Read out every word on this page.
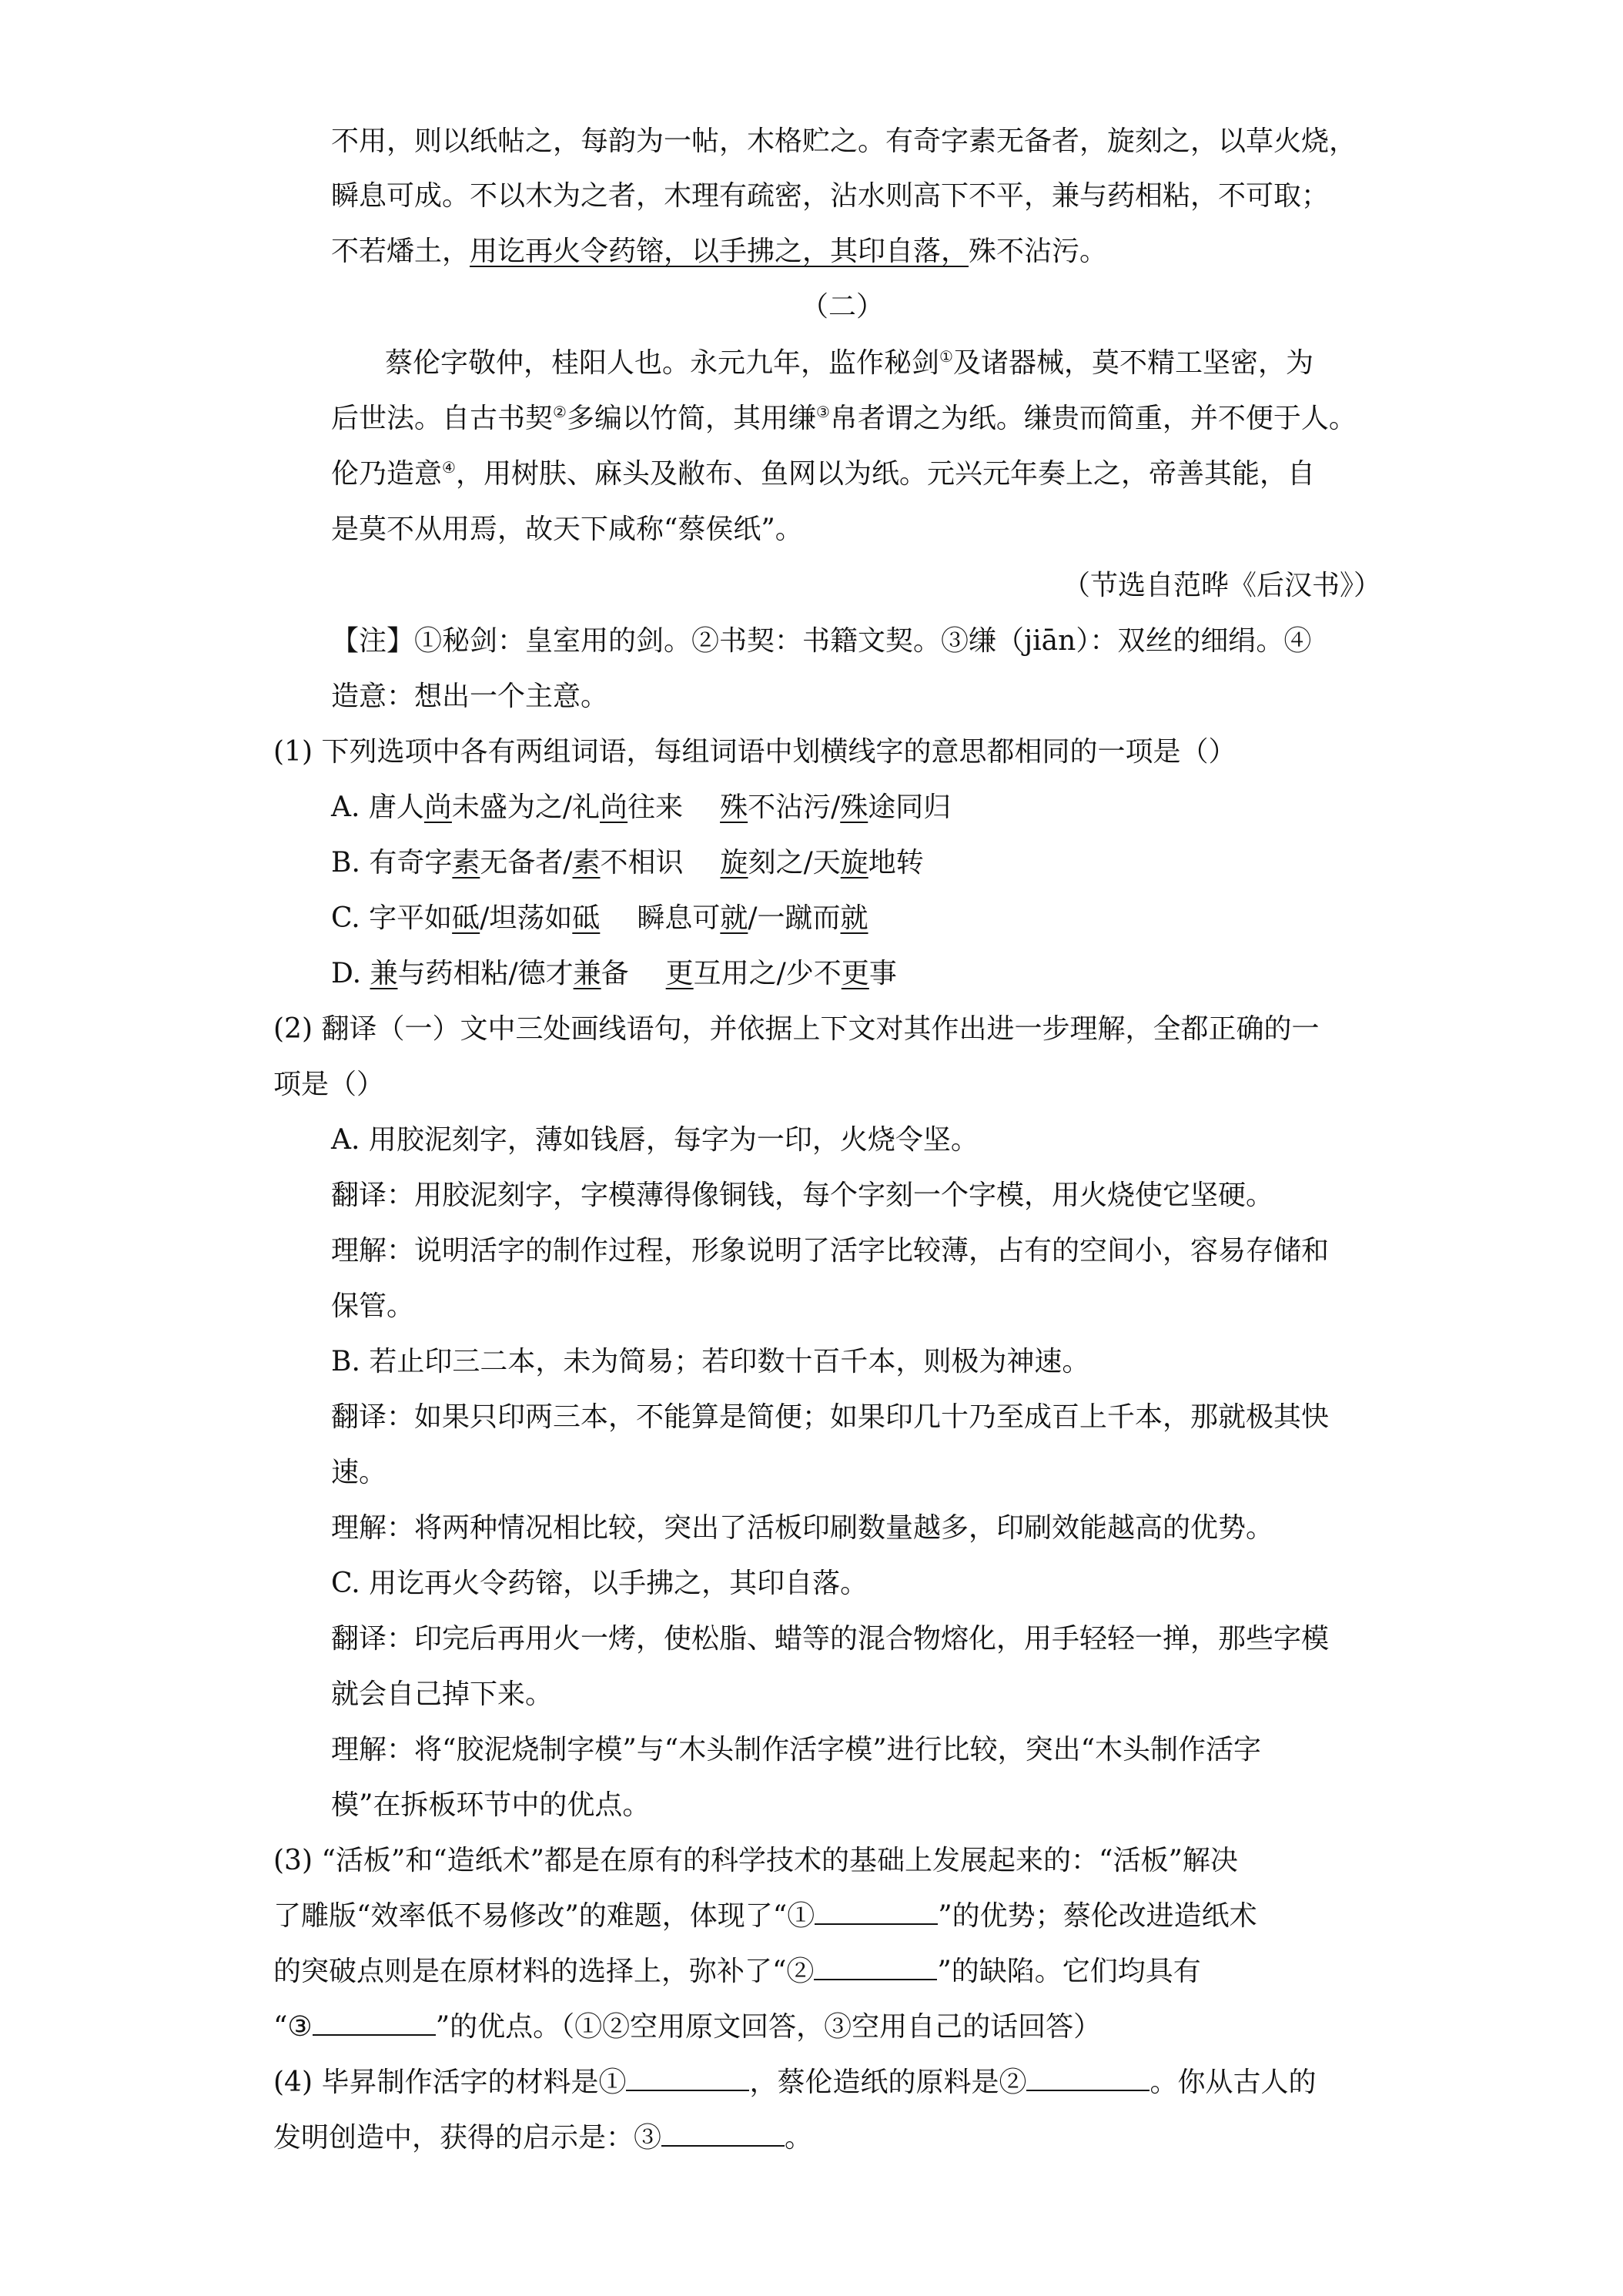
不用，则以纸帖之，每韵为一帖，木格贮之。有奇字素无备者，旋刻之，以草火烧，
瞬息可成。不以木为之者，木理有疏密，沾水则高下不平，兼与药相粘，不可取；
不若燔土，用讫再火令药镕，以手拂之，其印自落，殊不沾污。
（二）
蔡伦字敬仲，桂阳人也。永元九年，监作秘剑①及诸器械，莫不精工坚密，为
后世法。自古书契②多编以竹简，其用缣③帛者谓之为纸。缣贵而简重，并不便于人。
伦乃造意④，用树肤、麻头及敝布、鱼网以为纸。元兴元年奏上之，帝善其能，自
是莫不从用焉，故天下咸称“蔡侯纸”。
（节选自范晔《后汉书》）
【注】①秘剑：皇室用的剑。②书契：书籍文契。③缣（jiān）：双丝的细绢。④
造意：想出一个主意。
(1) 下列选项中各有两组词语，每组词语中划横线字的意思都相同的一项是（）
A. 唐人尚未盛为之/礼尚往来 殊不沾污/殊途同归
B. 有奇字素无备者/素不相识 旋刻之/天旋地转
C. 字平如砥/坦荡如砥 瞬息可就/一蹴而就
D. 兼与药相粘/德才兼备 更互用之/少不更事
(2) 翻译（一）文中三处画线语句，并依据上下文对其作出进一步理解，全都正确的一
项是（）
A. 用胶泥刻字，薄如钱唇，每字为一印，火烧令坚。
翻译：用胶泥刻字，字模薄得像铜钱，每个字刻一个字模，用火烧使它坚硬。
理解：说明活字的制作过程，形象说明了活字比较薄，占有的空间小，容易存储和
保管。
B. 若止印三二本，未为简易；若印数十百千本，则极为神速。
翻译：如果只印两三本，不能算是简便；如果印几十乃至成百上千本，那就极其快
速。
理解：将两种情况相比较，突出了活板印刷数量越多，印刷效能越高的优势。
C. 用讫再火令药镕，以手拂之，其印自落。
翻译：印完后再用火一烤，使松脂、蜡等的混合物熔化，用手轻轻一掸，那些字模
就会自己掉下来。
理解：将“胶泥烧制字模”与“木头制作活字模”进行比较，突出“木头制作活字
模”在拆板环节中的优点。
(3) “活板”和“造纸术”都是在原有的科学技术的基础上发展起来的：“活板”解决
了雕版“效率低不易修改”的难题，体现了“①	”的优势；蔡伦改进造纸术
的突破点则是在原材料的选择上，弥补了“②	”的缺陷。它们均具有
“③	”的优点。（①②空用原文回答，③空用自己的话回答）
(4) 毕昇制作活字的材料是①	，蔡伦造纸的原料是②	。你从古人的
发明创造中，获得的启示是：③	。
